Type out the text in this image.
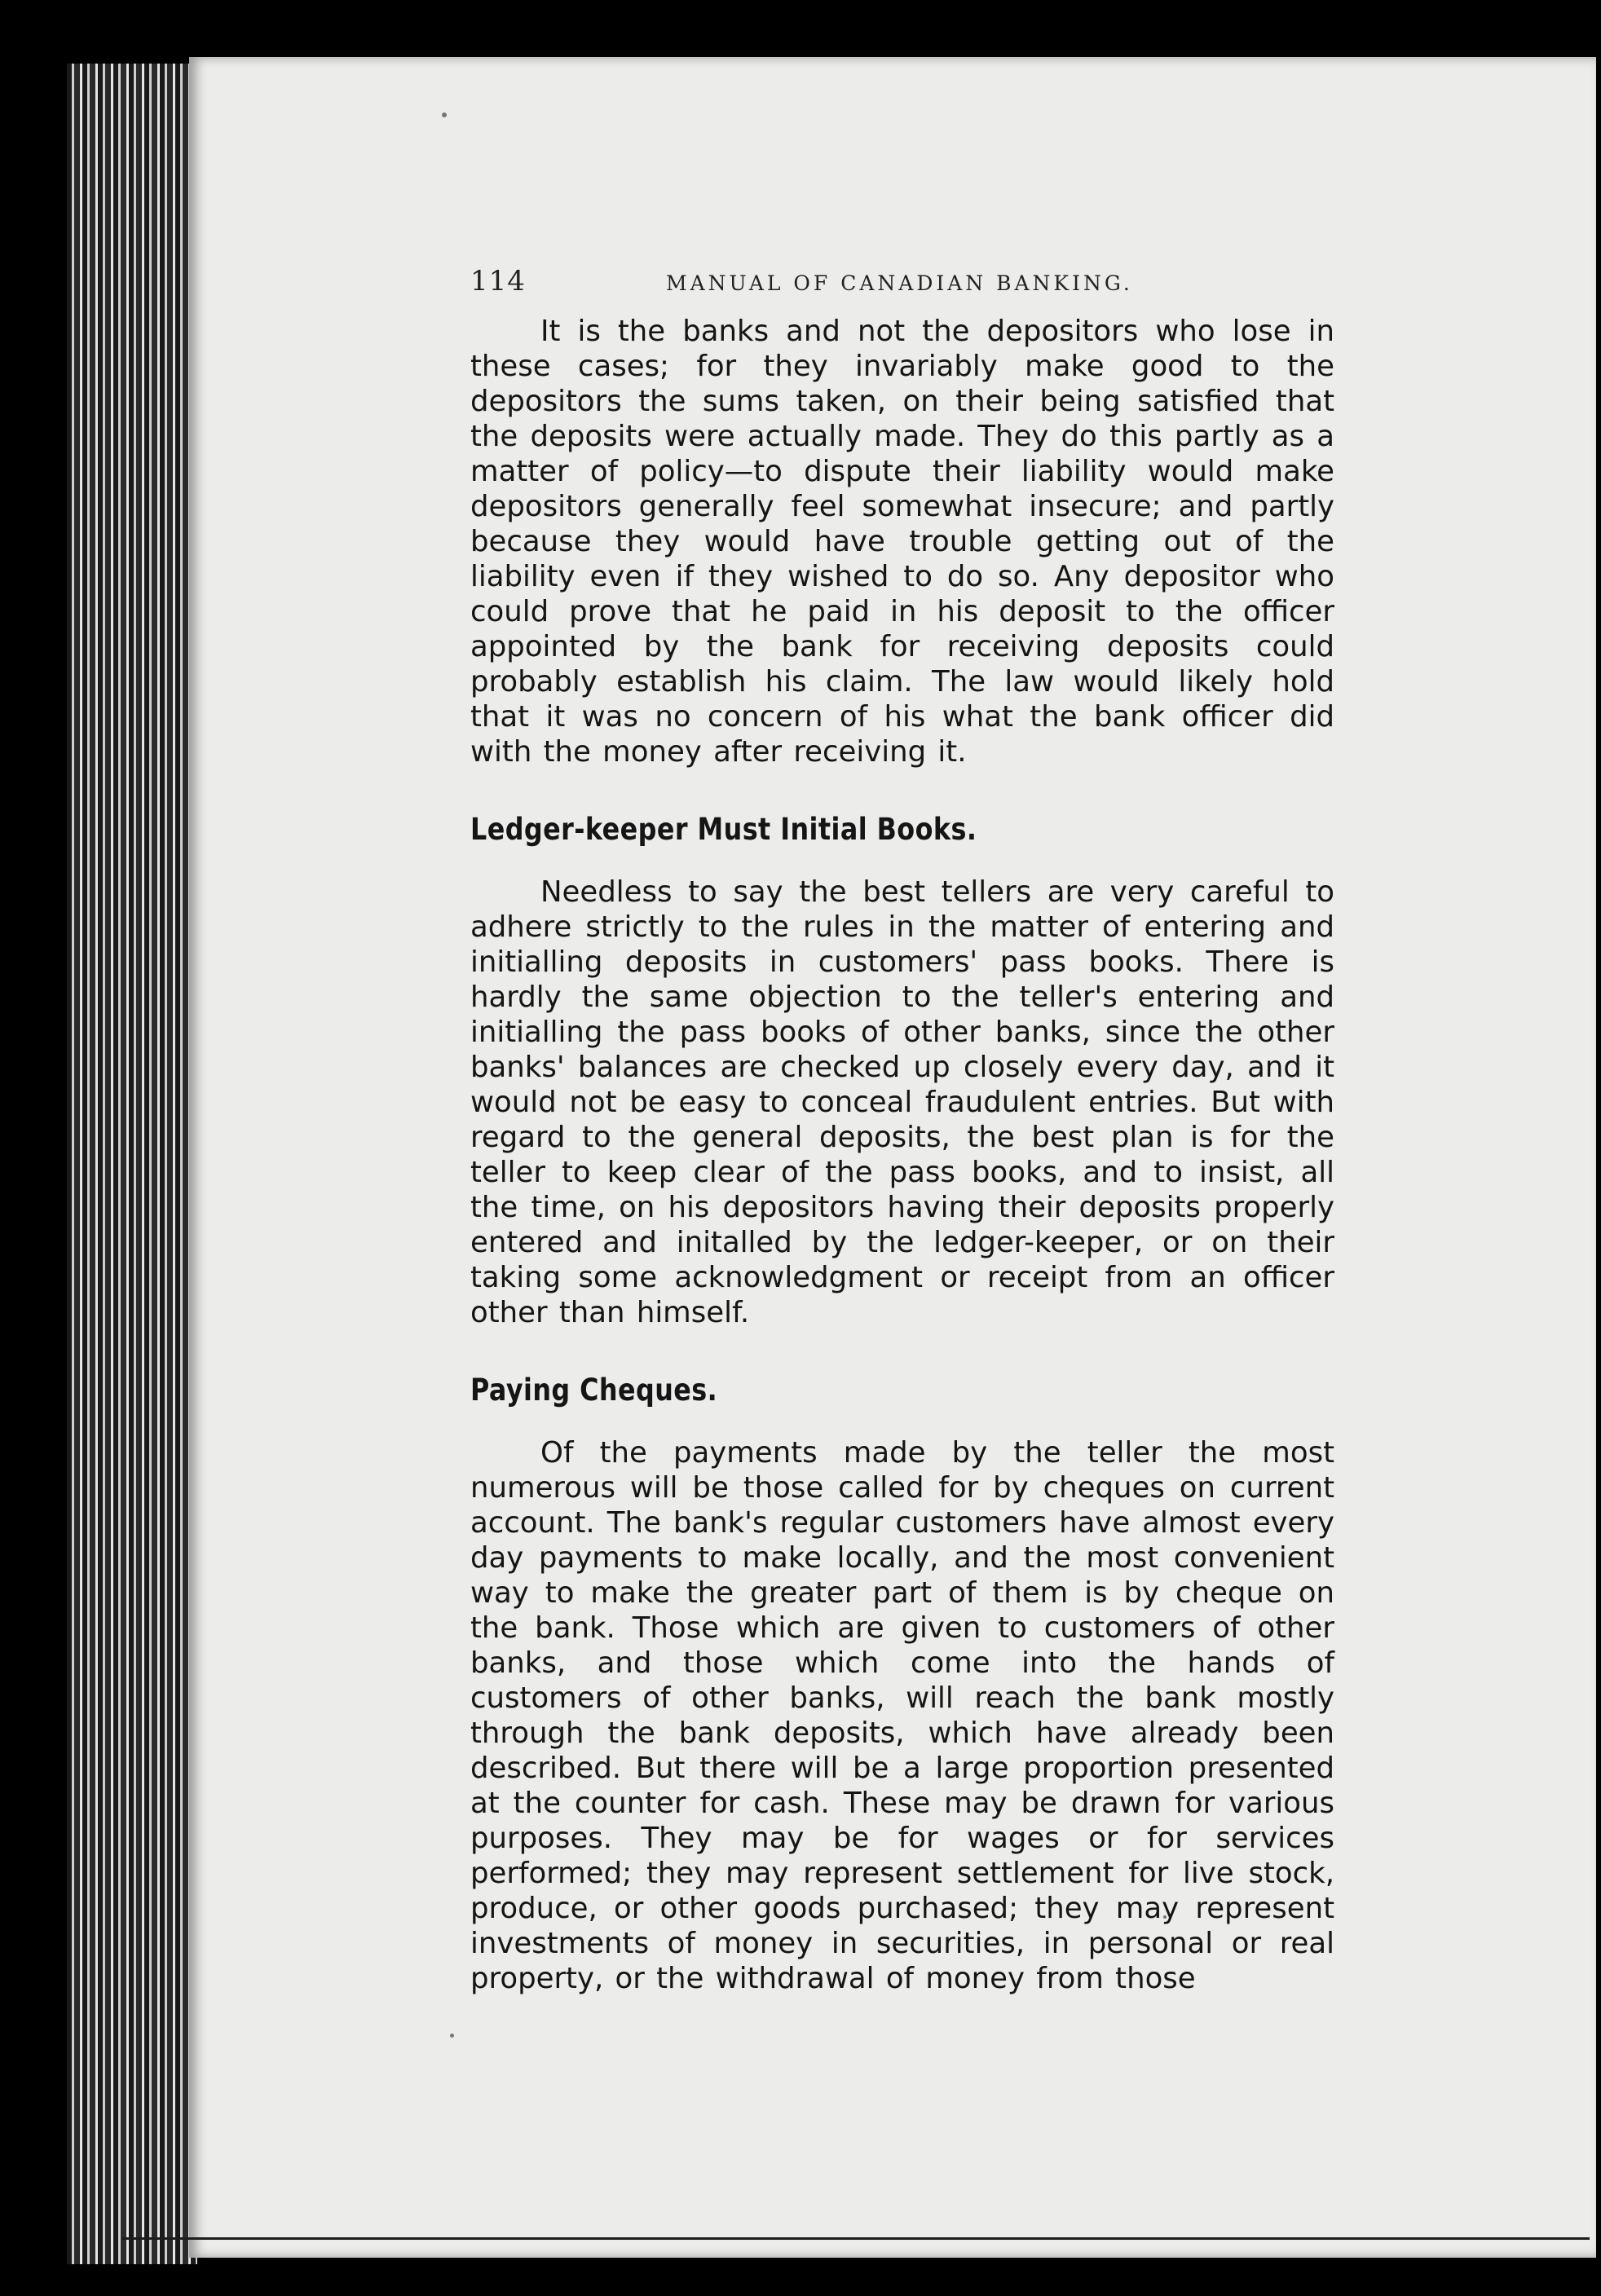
114	MANUAL OF CANADIAN BANKING.

It is the banks and not the depositors who lose in these cases; for they invariably make good to the depositors the sums taken, on their being satisfied that the deposits were actually made. They do this partly as a matter of policy—to dispute their liability would make depositors generally feel somewhat insecure; and partly because they would have trouble getting out of the liability even if they wished to do so. Any depositor who could prove that he paid in his deposit to the officer appointed by the bank for receiving deposits could probably establish his claim. The law would likely hold that it was no concern of his what the bank officer did with the money after receiving it.

Ledger-keeper Must Initial Books.

Needless to say the best tellers are very careful to adhere strictly to the rules in the matter of entering and initialling deposits in customers' pass books. There is hardly the same objection to the teller's entering and initialling the pass books of other banks, since the other banks' balances are checked up closely every day, and it would not be easy to conceal fraudulent entries. But with regard to the general deposits, the best plan is for the teller to keep clear of the pass books, and to insist, all the time, on his depositors having their deposits properly entered and initalled by the ledger-keeper, or on their taking some acknowledgment or receipt from an officer other than himself.

Paying Cheques.

Of the payments made by the teller the most numerous will be those called for by cheques on current account. The bank's regular customers have almost every day payments to make locally, and the most convenient way to make the greater part of them is by cheque on the bank. Those which are given to customers of other banks, and those which come into the hands of customers of other banks, will reach the bank mostly through the bank deposits, which have already been described. But there will be a large proportion presented at the counter for cash. These may be drawn for various purposes. They may be for wages or for services performed; they may represent settlement for live stock, produce, or other goods purchased; they may represent investments of money in securities, in personal or real property, or the withdrawal of money from those
